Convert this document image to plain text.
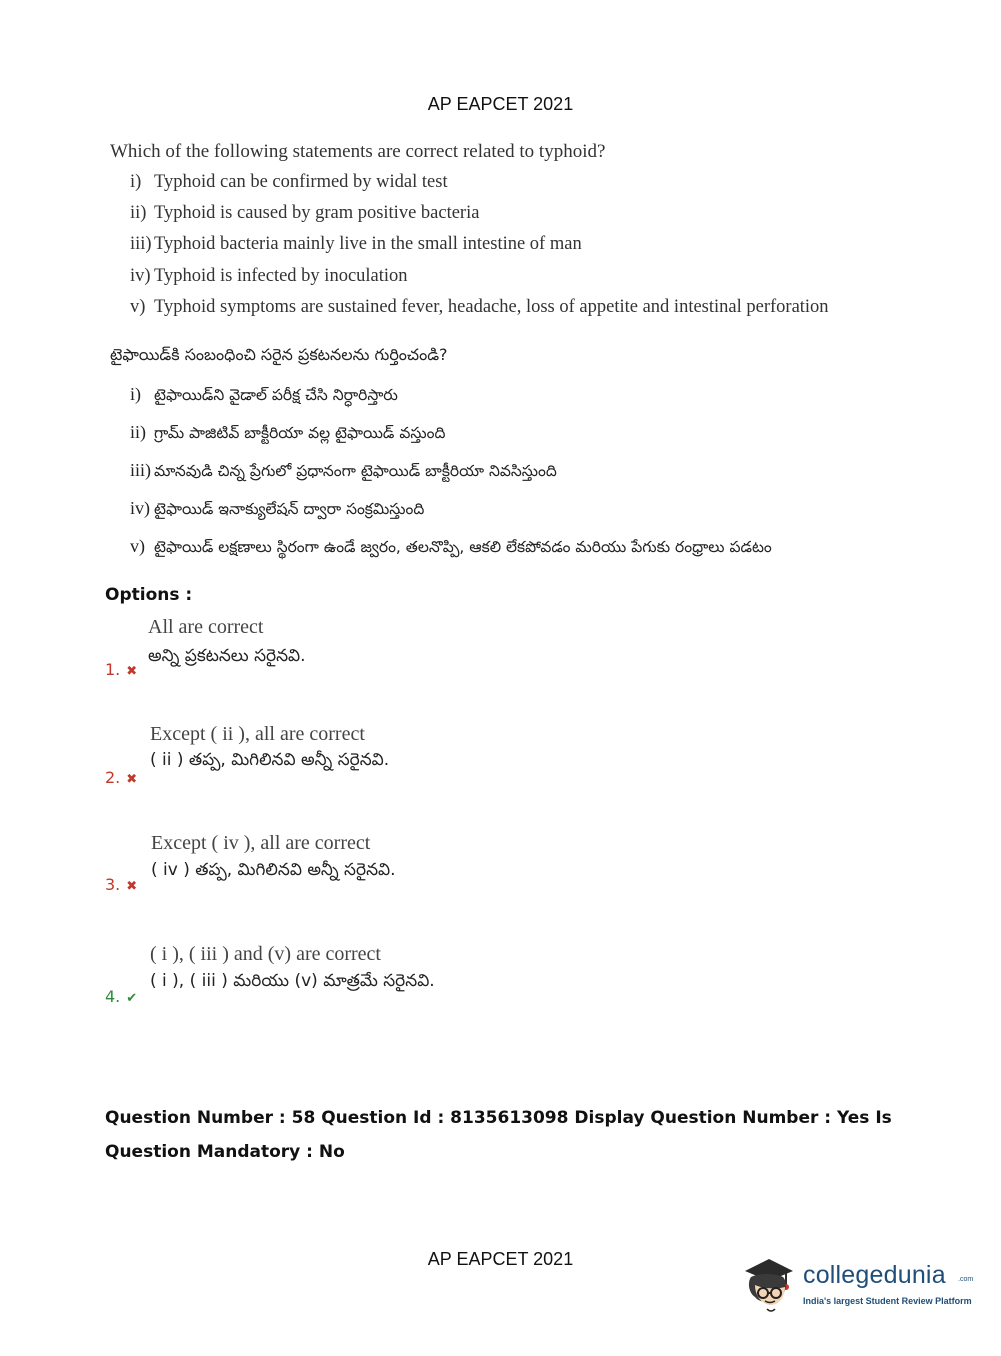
AP EAPCET 2021
Which of the following statements are correct related to typhoid?
i) Typhoid can be confirmed by widal test
ii) Typhoid is caused by gram positive bacteria
iii) Typhoid bacteria mainly live in the small intestine of man
iv) Typhoid is infected by inoculation
v) Typhoid symptoms are sustained fever, headache, loss of appetite and intestinal perforation
టైఫాయిడ్‌కి సంబంధించి సరైన ప్రకటనలను గుర్తించండి?
i) టైఫాయిడ్‌ని వైడాల్ పరీక్ష చేసి నిర్ధారిస్తారు
ii) గ్రామ్ పాజిటివ్ బాక్టీరియా వల్ల టైఫాయిడ్ వస్తుంది
iii) మానవుడి చిన్న ప్రేగులో ప్రధానంగా టైఫాయిడ్ బాక్టీరియా నివసిస్తుంది
iv) టైఫాయిడ్ ఇనాక్యులేషన్ ద్వారా సంక్రమిస్తుంది
v) టైఫాయిడ్ లక్షణాలు స్థిరంగా ఉండే జ్వరం, తలనొప్పి, ఆకలి లేకపోవడం మరియు పేగుకు రంధ్రాలు పడటం
Options :
All are correct
అన్ని ప్రకటనలు సరైనవి.
1. ✖
Except ( ii ), all are correct
( ii ) తప్ప, మిగిలినవి అన్నీ సరైనవి.
2. ✖
Except ( iv ), all are correct
( iv ) తప్ప, మిగిలినవి అన్నీ సరైనవి.
3. ✖
( i ), ( iii ) and (v) are correct
( i ), ( iii ) మరియు (v) మాత్రమే సరైనవి.
4. ✔
Question Number : 58 Question Id : 8135613098 Display Question Number : Yes Is Question Mandatory : No
AP EAPCET 2021
collegedunia .com
India's largest Student Review Platform
